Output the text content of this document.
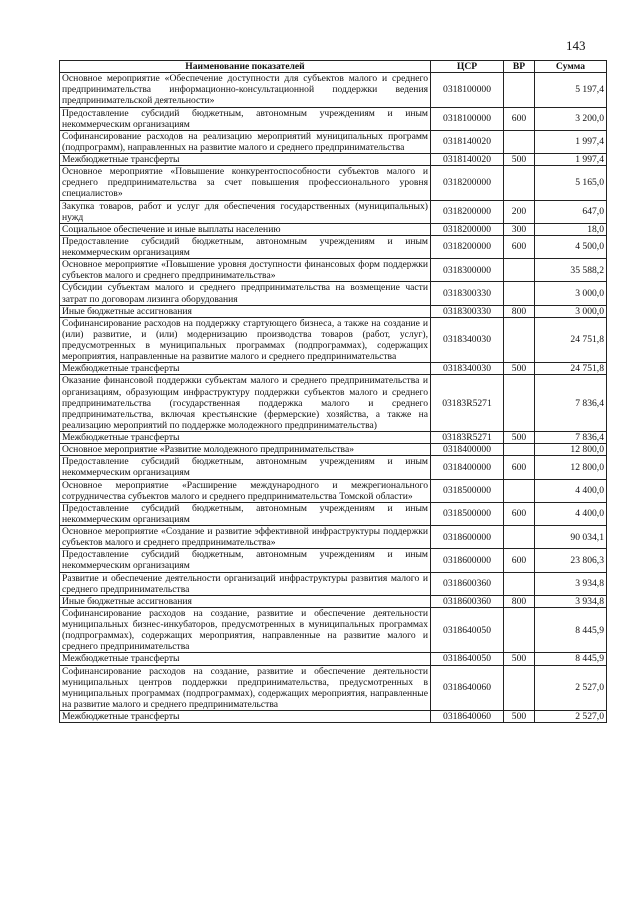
143
Наименование показателей	ЦСР	ВР	Сумма
Основное мероприятие «Обеспечение доступности для субъектов малого и среднего предпринимательства информационно-консультационной поддержки ведения предпринимательской деятельности»	0318100000		5 197,4
Предоставление субсидий бюджетным, автономным учреждениям и иным некоммерческим организациям	0318100000	600	3 200,0
Софинансирование расходов на реализацию мероприятий муниципальных программ (подпрограмм), направленных на развитие малого и среднего предпринимательства	0318140020		1 997,4
Межбюджетные трансферты	0318140020	500	1 997,4
Основное мероприятие «Повышение конкурентоспособности субъектов малого и среднего предпринимательства за счет повышения профессионального уровня специалистов»	0318200000		5 165,0
Закупка товаров, работ и услуг для обеспечения государственных (муниципальных) нужд	0318200000	200	647,0
Социальное обеспечение и иные выплаты населению	0318200000	300	18,0
Предоставление субсидий бюджетным, автономным учреждениям и иным некоммерческим организациям	0318200000	600	4 500,0
Основное мероприятие «Повышение уровня доступности финансовых форм поддержки субъектов малого и среднего предпринимательства»	0318300000		35 588,2
Субсидии субъектам малого и среднего предпринимательства на возмещение части затрат по договорам лизинга оборудования	0318300330		3 000,0
Иные бюджетные ассигнования	0318300330	800	3 000,0
Софинансирование расходов на поддержку стартующего бизнеса, а также на создание и (или) развитие, и (или) модернизацию производства товаров (работ, услуг), предусмотренных в муниципальных программах (подпрограммах), содержащих мероприятия, направленные на развитие малого и среднего предпринимательства	0318340030		24 751,8
Межбюджетные трансферты	0318340030	500	24 751,8
Оказание финансовой поддержки субъектам малого и среднего предпринимательства и организациям, образующим инфраструктуру поддержки субъектов малого и среднего предпринимательства (государственная поддержка малого и среднего предпринимательства, включая крестьянские (фермерские) хозяйства, а также на реализацию мероприятий по поддержке молодежного предпринимательства)	03183R5271		7 836,4
Межбюджетные трансферты	03183R5271	500	7 836,4
Основное мероприятие «Развитие молодежного предпринимательства»	0318400000		12 800,0
Предоставление субсидий бюджетным, автономным учреждениям и иным некоммерческим организациям	0318400000	600	12 800,0
Основное мероприятие «Расширение международного и межрегионального сотрудничества субъектов малого и среднего предпринимательства Томской области»	0318500000		4 400,0
Предоставление субсидий бюджетным, автономным учреждениям и иным некоммерческим организациям	0318500000	600	4 400,0
Основное мероприятие «Создание и развитие эффективной инфраструктуры поддержки субъектов малого и среднего предпринимательства»	0318600000		90 034,1
Предоставление субсидий бюджетным, автономным учреждениям и иным некоммерческим организациям	0318600000	600	23 806,3
Развитие и обеспечение деятельности организаций инфраструктуры развития малого и среднего предпринимательства	0318600360		3 934,8
Иные бюджетные ассигнования	0318600360	800	3 934,8
Софинансирование расходов на создание, развитие и обеспечение деятельности муниципальных бизнес-инкубаторов, предусмотренных в муниципальных программах (подпрограммах), содержащих мероприятия, направленные на развитие малого и среднего предпринимательства	0318640050		8 445,9
Межбюджетные трансферты	0318640050	500	8 445,9
Софинансирование расходов на создание, развитие и обеспечение деятельности муниципальных центров поддержки предпринимательства, предусмотренных в муниципальных программах (подпрограммах), содержащих мероприятия, направленные на развитие малого и среднего предпринимательства	0318640060		2 527,0
Межбюджетные трансферты	0318640060	500	2 527,0
